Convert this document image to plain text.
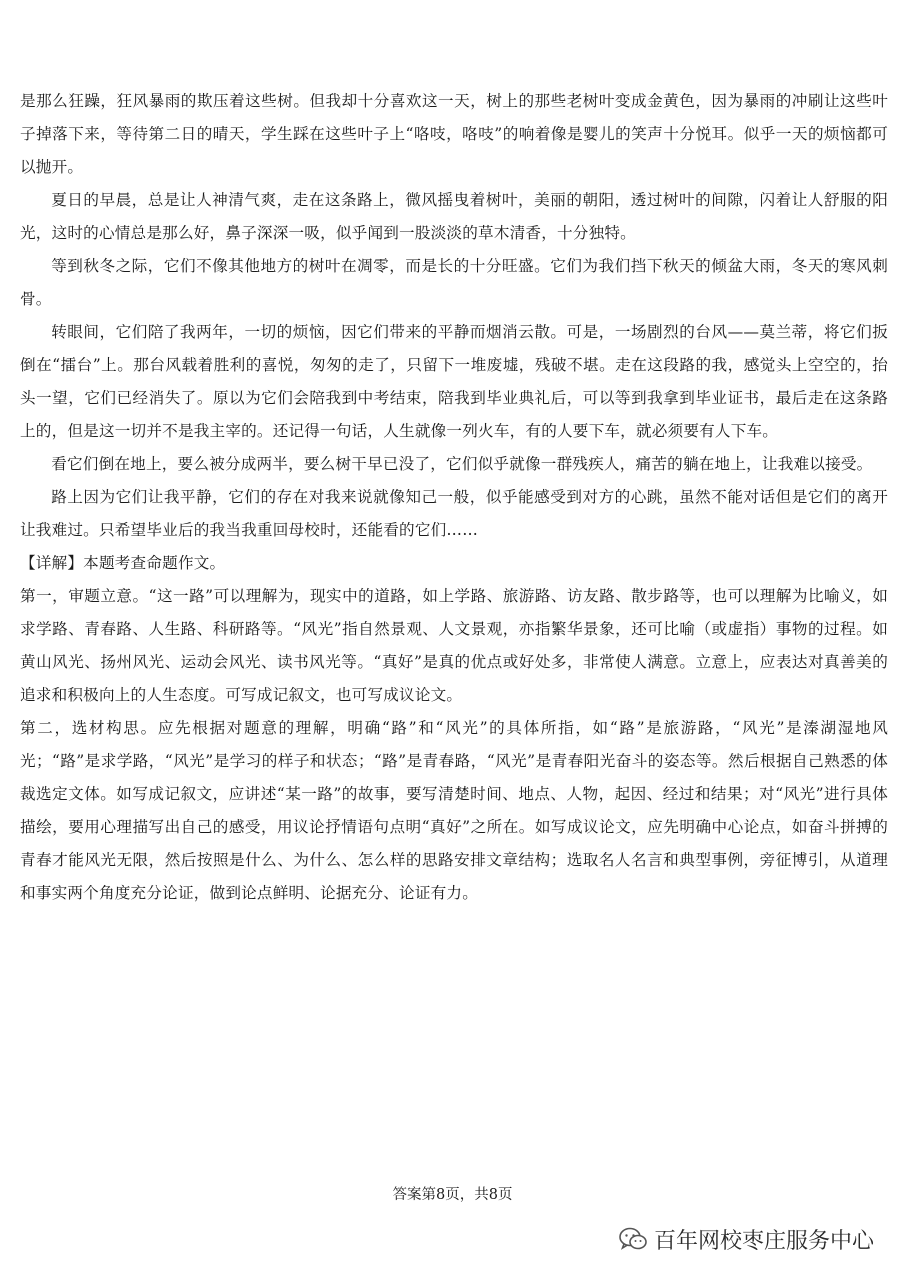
是那么狂躁，狂风暴雨的欺压着这些树。但我却十分喜欢这一天，树上的那些老树叶变成金黄色，因为暴雨的冲刷让这些叶子掉落下来，等待第二日的晴天，学生踩在这些叶子上“咯吱，咯吱”的响着像是婴儿的笑声十分悦耳。似乎一天的烦恼都可以抛开。

夏日的早晨，总是让人神清气爽，走在这条路上，微风摇曳着树叶，美丽的朝阳，透过树叶的间隙，闪着让人舒服的阳光，这时的心情总是那么好，鼻子深深一吸，似乎闻到一股淡淡的草木清香，十分独特。

等到秋冬之际，它们不像其他地方的树叶在凋零，而是长的十分旺盛。它们为我们挡下秋天的倾盆大雨，冬天的寒风刺骨。

转眼间，它们陪了我两年，一切的烦恼，因它们带来的平静而烟消云散。可是，一场剧烈的台风——莫兰蒂，将它们扳倒在“擂台”上。那台风载着胜利的喜悦，匆匆的走了，只留下一堆废墟，残破不堪。走在这段路的我，感觉头上空空的，抬头一望，它们已经消失了。原以为它们会陪我到中考结束，陪我到毕业典礼后，可以等到我拿到毕业证书，最后走在这条路上的，但是这一切并不是我主宰的。还记得一句话，人生就像一列火车，有的人要下车，就必须要有人下车。

看它们倒在地上，要么被分成两半，要么树干早已没了，它们似乎就像一群残疾人，痛苦的躺在地上，让我难以接受。

路上因为它们让我平静，它们的存在对我来说就像知己一般，似乎能感受到对方的心跳，虽然不能对话但是它们的离开让我难过。只希望毕业后的我当我重回母校时，还能看的它们……

【详解】本题考查命题作文。

第一，审题立意。“这一路”可以理解为，现实中的道路，如上学路、旅游路、访友路、散步路等，也可以理解为比喻义，如求学路、青春路、人生路、科研路等。“风光”指自然景观、人文景观，亦指繁华景象，还可比喻（或虚指）事物的过程。如黄山风光、扬州风光、运动会风光、读书风光等。“真好”是真的优点或好处多，非常使人满意。立意上，应表达对真善美的追求和积极向上的人生态度。可写成记叙文，也可写成议论文。

第二，选材构思。应先根据对题意的理解，明确“路”和“风光”的具体所指，如“路”是旅游路，“风光”是溱湖湿地风光；“路”是求学路，“风光”是学习的样子和状态；“路”是青春路，“风光”是青春阳光奋斗的姿态等。然后根据自己熟悉的体裁选定文体。如写成记叙文，应讲述“某一路”的故事，要写清楚时间、地点、人物，起因、经过和结果；对“风光”进行具体描绘，要用心理描写出自己的感受，用议论抒情语句点明“真好”之所在。如写成议论文，应先明确中心论点，如奋斗拼搏的青春才能风光无限，然后按照是什么、为什么、怎么样的思路安排文章结构；选取名人名言和典型事例，旁征博引，从道理和事实两个角度充分论证，做到论点鲜明、论据充分、论证有力。

答案第8页，共8页
百年网校枣庄服务中心
